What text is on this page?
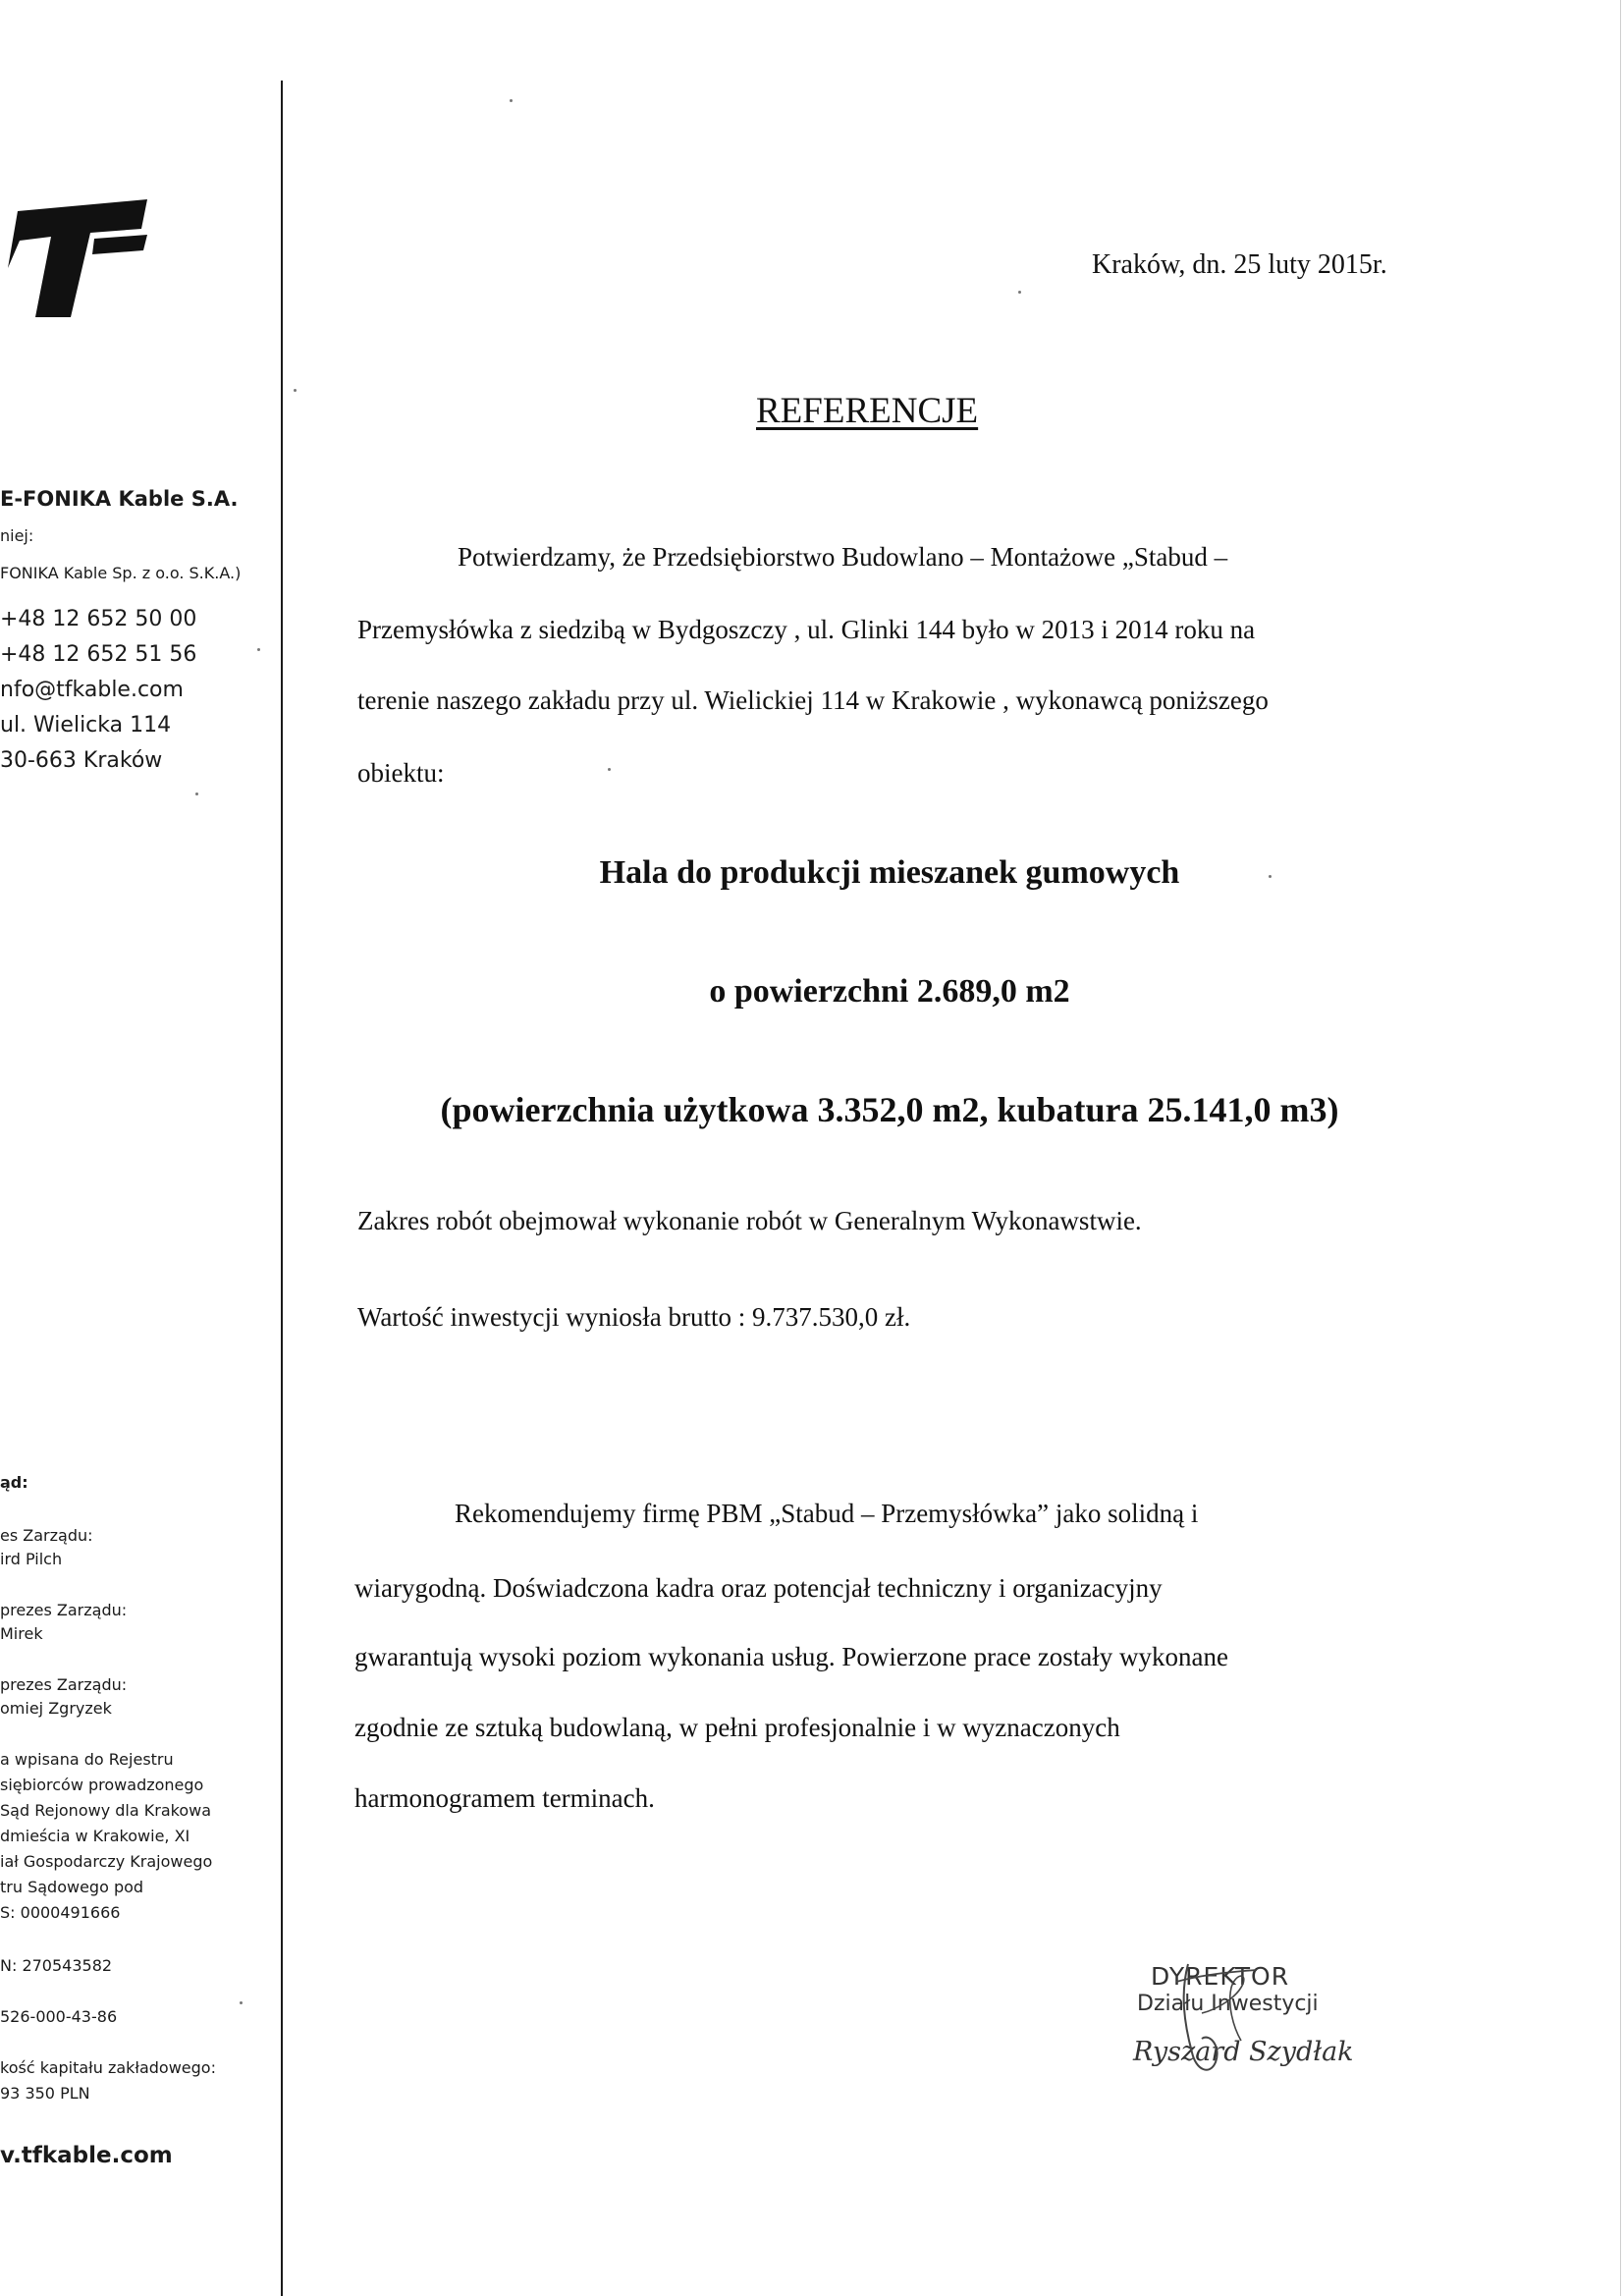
E-FONIKA Kable S.A.
niej:
FONIKA Kable Sp. z o.o. S.K.A.)
+48 12 652 50 00
+48 12 652 51 56
nfo@tfkable.com
ul. Wielicka 114
30-663 Kraków
ąd:
es Zarządu:
ird Pilch
prezes Zarządu:
Mirek
prezes Zarządu:
omiej Zgryzek
a wpisana do Rejestru
siębiorców prowadzonego
Sąd Rejonowy dla Krakowa
dmieścia w Krakowie, XI
iał Gospodarczy Krajowego
tru Sądowego pod
S: 0000491666
N: 270543582
526-000-43-86
kość kapitału zakładowego:
93 350 PLN
v.tfkable.com
Kraków, dn. 25 luty 2015r.
REFERENCJE
Potwierdzamy, że Przedsiębiorstwo Budowlano – Montażowe „Stabud –
Przemysłówka z siedzibą w Bydgoszczy , ul. Glinki 144 było w 2013 i 2014 roku na
terenie naszego zakładu przy ul. Wielickiej 114 w Krakowie , wykonawcą poniższego
obiektu:
Hala do produkcji mieszanek gumowych
o powierzchni 2.689,0 m2
(powierzchnia użytkowa 3.352,0 m2, kubatura 25.141,0 m3)
Zakres robót obejmował wykonanie robót w Generalnym Wykonawstwie.
Wartość inwestycji wyniosła brutto : 9.737.530,0 zł.
Rekomendujemy firmę PBM „Stabud – Przemysłówka” jako solidną i
wiarygodną. Doświadczona kadra oraz potencjał techniczny i organizacyjny
gwarantują wysoki poziom wykonania usług. Powierzone prace zostały wykonane
zgodnie ze sztuką budowlaną, w pełni profesjonalnie i w wyznaczonych
harmonogramem terminach.
DYREKTOR
Działu Inwestycji
Ryszard Szydłak
